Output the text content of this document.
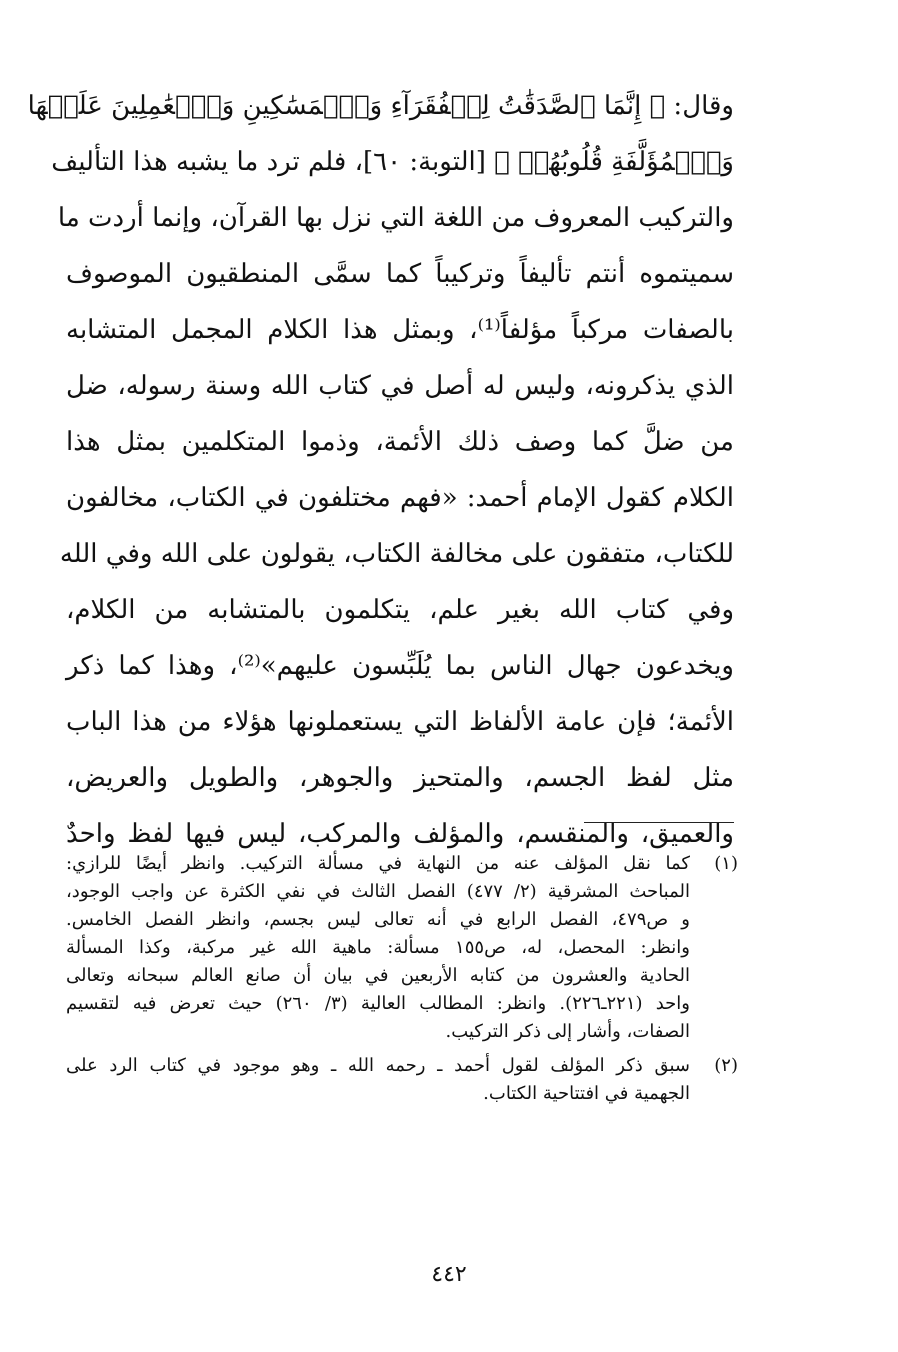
وقال: ﴿ إِنَّمَا ٱلصَّدَقَٰتُ لِلۡفُقَرَآءِ وَٱلۡمَسَٰكِينِ وَٱلۡعَٰمِلِينَ عَلَيۡهَا
وَٱلۡمُؤَلَّفَةِ قُلُوبُهُمۡ ﴾ [التوبة: ٦٠]، فلم ترد ما يشبه هذا التأليف
والتركيب المعروف من اللغة التي نزل بها القرآن، وإنما أردت ما
سميتموه أنتم تأليفاً وتركيباً كما سمَّى المنطقيون الموصوف
بالصفات مركباً مؤلفاً⁽¹⁾، وبمثل هذا الكلام المجمل المتشابه
الذي يذكرونه، وليس له أصل في كتاب الله وسنة رسوله، ضل
من ضلَّ كما وصف ذلك الأئمة، وذموا المتكلمين بمثل هذا
الكلام كقول الإمام أحمد: «فهم مختلفون في الكتاب، مخالفون
للكتاب، متفقون على مخالفة الكتاب، يقولون على الله وفي الله
وفي كتاب الله بغير علم، يتكلمون بالمتشابه من الكلام،
ويخدعون جهال الناس بما يُلَبِّسون عليهم»⁽²⁾، وهذا كما ذكر
الأئمة؛ فإن عامة الألفاظ التي يستعملونها هؤلاء من هذا الباب
مثل لفظ الجسم، والمتحيز والجوهر، والطويل والعريض،
والعميق، والمنقسم، والمؤلف والمركب، ليس فيها لفظ واحدٌ
(١)
كما نقل المؤلف عنه من النهاية في مسألة التركيب. وانظر أيضًا للرازي:
المباحث المشرقية (٢/ ٤٧٧) الفصل الثالث في نفي الكثرة عن واجب الوجود،
و ص٤٧٩، الفصل الرابع في أنه تعالى ليس بجسم، وانظر الفصل الخامس.
وانظر: المحصل، له، ص١٥٥ مسألة: ماهية الله غير مركبة، وكذا المسألة
الحادية والعشرون من كتابه الأربعين في بيان أن صانع العالم سبحانه وتعالى
واحد (٢٢١ـ٢٢٦). وانظر: المطالب العالية (٣/ ٢٦٠) حيث تعرض فيه لتقسيم
الصفات، وأشار إلى ذكر التركيب.
(٢)
سبق ذكر المؤلف لقول أحمد ـ رحمه الله ـ وهو موجود في كتاب الرد على
الجهمية في افتتاحية الكتاب.
٤٤٢
